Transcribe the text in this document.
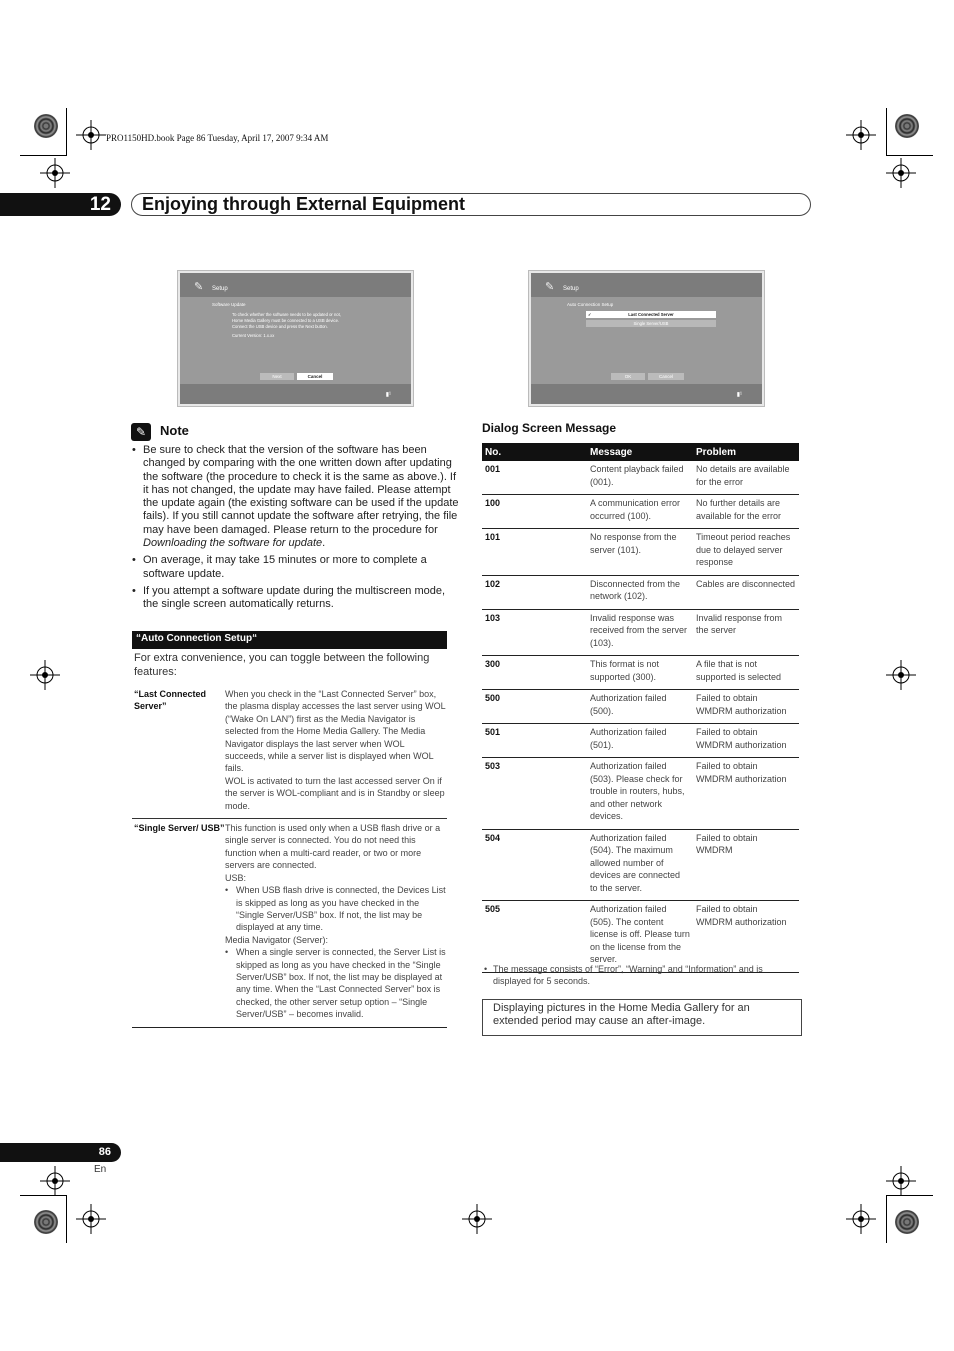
PRO1150HD.book Page 86 Tuesday, April 17, 2007 9:34 AM
12	Enjoying through External Equipment
✎	Setup
Software Update
To check whether the software needs to be updated or not,
Home Media Gallery must be connected to a USB device.
Connect the USB device and press the Next button.
Current Version: 1.x.xx
Next	Cancel
▮¹
✎	Setup
Auto Connection Setup
✓	Last Connected Server
Single Server/USB
OK	Cancel
▮¹
✎	Note
• Be sure to check that the version of the software has been changed by comparing with the one written down after updating the software (the procedure to check it is the same as above.). If it has not changed, the update may have failed. Please attempt the update again (the existing software can be used if the update fails). If you still cannot update the software after retrying, the file may have been damaged. Please return to the procedure for Downloading the software for update.
• On average, it may take 15 minutes or more to complete a software update.
• If you attempt a software update during the multiscreen mode, the single screen automatically returns.
“Auto Connection Setup“
For extra convenience, you can toggle between the following features:
“Last Connected Server”
When you check in the “Last Connected Server” box, the plasma display accesses the last server using WOL (“Wake On LAN”) first as the Media Navigator is selected from the Home Media Gallery. The Media Navigator displays the last server when WOL succeeds, while a server list is displayed when WOL fails.
WOL is activated to turn the last accessed server On if the server is WOL-compliant and is in Standby or sleep mode.
“Single Server/ USB” This function is used only when a USB flash drive or a single server is connected. You do not need this function when a multi-card reader, or two or more servers are connected.
USB:
• When USB flash drive is connected, the Devices List is skipped as long as you have checked in the “Single Server/USB” box. If not, the list may be displayed at any time.
Media Navigator (Server):
• When a single server is connected, the Server List is skipped as long as you have checked in the “Single Server/USB” box. If not, the list may be displayed at any time. When the “Last Connected Server” box is checked, the other server setup option – “Single Server/USB” – becomes invalid.
Dialog Screen Message
No.	Message	Problem
001	Content playback failed (001).	No details are available for the error
100	A communication error occurred (100).	No further details are available for the error
101	No response from the server (101).	Timeout period reaches due to delayed server response
102	Disconnected from the network (102).	Cables are disconnected
103	Invalid response was received from the server (103).	Invalid response from the server
300	This format is not supported (300).	A file that is not supported is selected
500	Authorization failed (500).	Failed to obtain WMDRM authorization
501	Authorization failed (501).	Failed to obtain WMDRM authorization
503	Authorization failed (503). Please check for trouble in routers, hubs, and other network devices.	Failed to obtain WMDRM authorization
504	Authorization failed (504). The maximum allowed number of devices are connected to the server.	Failed to obtain WMDRM
505	Authorization failed (505). The content license is off. Please turn on the license from the server.	Failed to obtain WMDRM authorization
• The message consists of “Error”, “Warning” and “Information” and is displayed for 5 seconds.
Displaying pictures in the Home Media Gallery for an extended period may cause an after-image.
86
En
